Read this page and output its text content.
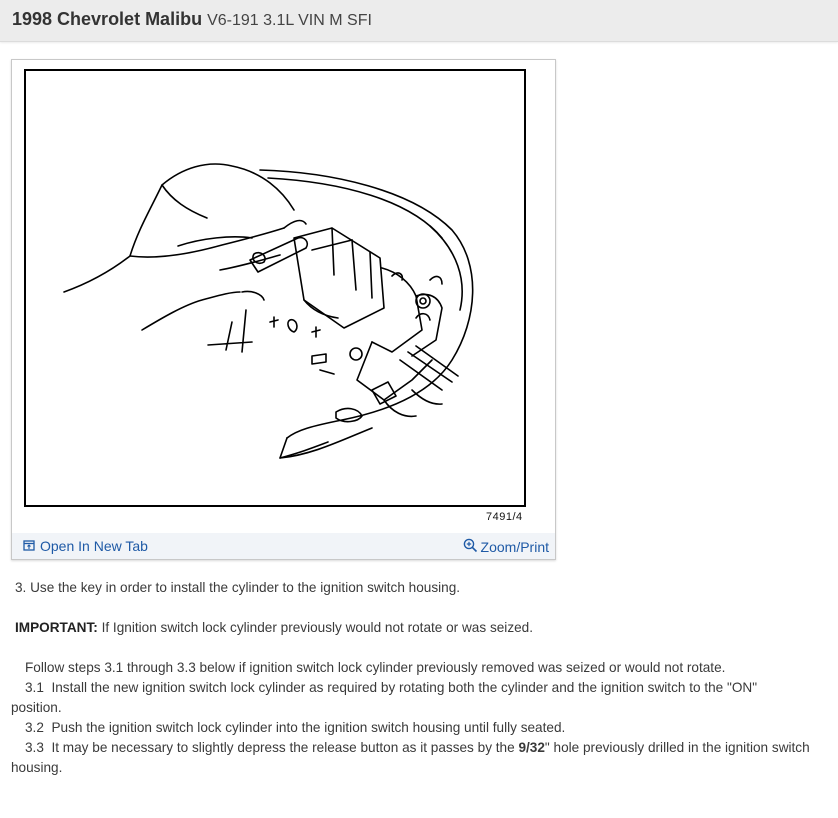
1998 Chevrolet Malibu V6-191 3.1L VIN M SFI
7491/4
Open In New Tab	Zoom/Print

3. Use the key in order to install the cylinder to the ignition switch housing.

IMPORTANT: If Ignition switch lock cylinder previously would not rotate or was seized.

Follow steps 3.1 through 3.3 below if ignition switch lock cylinder previously removed was seized or would not rotate.

3.1 Install the new ignition switch lock cylinder as required by rotating both the cylinder and the ignition switch to the "ON" position.

3.2 Push the ignition switch lock cylinder into the ignition switch housing until fully seated.

3.3 It may be necessary to slightly depress the release button as it passes by the 9/32" hole previously drilled in the ignition switch housing.
